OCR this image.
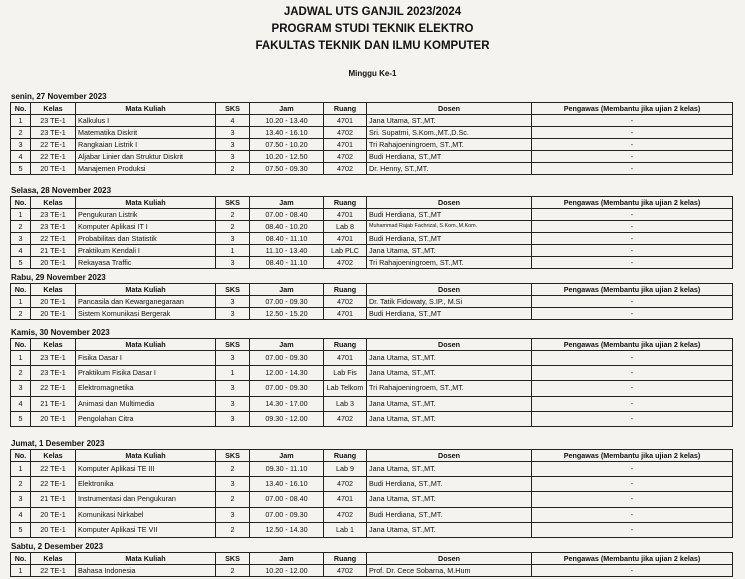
JADWAL UTS GANJIL 2023/2024
PROGRAM STUDI TEKNIK ELEKTRO
FAKULTAS TEKNIK DAN ILMU KOMPUTER
Minggu Ke-1
senin, 27 November 2023
No.	Kelas	Mata Kuliah	SKS	Jam	Ruang	Dosen	Pengawas (Membantu jika ujian 2 kelas)
1	23 TE-1	Kalkulus I	4	10.20 - 13.40	4701	Jana Utama, ST.,MT.	-
2	23 TE-1	Matematika Diskrit	3	13.40 - 16.10	4702	Sri. Supatmi, S.Kom.,MT.,D.Sc.	-
3	22 TE-1	Rangkaian Listrik I	3	07.50 - 10.20	4701	Tri Rahajoeningroem, ST.,MT.	-
4	22 TE-1	Aljabar Linier dan Struktur Diskrit	3	10.20 - 12.50	4702	Budi Herdiana, ST.,MT	-
5	20 TE-1	Manajemen Produksi	2	07.50 - 09.30	4702	Dr. Henny, ST.,MT.	-
Selasa, 28 November 2023
No.	Kelas	Mata Kuliah	SKS	Jam	Ruang	Dosen	Pengawas (Membantu jika ujian 2 kelas)
1	23 TE-1	Pengukuran Listrik	2	07.00 - 08.40	4701	Budi Herdiana, ST.,MT	-
2	23 TE-1	Komputer Aplikasi IT I	2	08.40 - 10.20	Lab 8	Muhammad Rajab Fachrizal, S.Kom.,M.Kom.	-
3	22 TE-1	Probabilitas dan Statistik	3	08.40 - 11.10	4701	Budi Herdiana, ST.,MT	-
4	21 TE-1	Praktikum Kendali I	1	11.10 - 13.40	Lab PLC	Jana Utama, ST.,MT.	-
5	20 TE-1	Rekayasa Traffic	3	08.40 - 11.10	4702	Tri Rahajoeningroem, ST.,MT.	-
Rabu, 29 November 2023
No.	Kelas	Mata Kuliah	SKS	Jam	Ruang	Dosen	Pengawas (Membantu jika ujian 2 kelas)
1	20 TE-1	Pancasila dan Kewarganegaraan	3	07.00 - 09.30	4702	Dr. Tatik Fidowaty, S.IP., M.Si	-
2	20 TE-1	Sistem Komunikasi Bergerak	3	12.50 - 15.20	4701	Budi Herdiana, ST.,MT	-
Kamis, 30 November 2023
No.	Kelas	Mata Kuliah	SKS	Jam	Ruang	Dosen	Pengawas (Membantu jika ujian 2 kelas)
1	23 TE-1	Fisika Dasar I	3	07.00 - 09.30	4701	Jana Utama, ST.,MT.	-
2	23 TE-1	Praktikum Fisika Dasar I	1	12.00 - 14.30	Lab Fis	Jana Utama, ST.,MT.	-
3	22 TE-1	Elektromagnetika	3	07.00 - 09.30	Lab Telkom	Tri Rahajoeningroem, ST.,MT.	-
4	21 TE-1	Animasi dan Multimedia	3	14.30 - 17.00	Lab 3	Jana Utama, ST.,MT.	-
5	20 TE-1	Pengolahan Citra	3	09.30 - 12.00	4702	Jana Utama, ST.,MT.	-
Jumat, 1 Desember 2023
No.	Kelas	Mata Kuliah	SKS	Jam	Ruang	Dosen	Pengawas (Membantu jika ujian 2 kelas)
1	22 TE-1	Komputer Aplikasi TE III	2	09.30 - 11.10	Lab 9	Jana Utama, ST.,MT.	-
2	22 TE-1	Elektronika	3	13.40 - 16.10	4702	Budi Herdiana, ST.,MT.	-
3	21 TE-1	Instrumentasi dan Pengukuran	2	07.00 - 08.40	4701	Jana Utama, ST.,MT.	-
4	20 TE-1	Komunikasi Nirkabel	3	07.00 - 09.30	4702	Budi Herdiana, ST.,MT.	-
5	20 TE-1	Komputer Aplikasi TE VII	2	12.50 - 14.30	Lab 1	Jana Utama, ST.,MT.	-
Sabtu, 2 Desember 2023
No.	Kelas	Mata Kuliah	SKS	Jam	Ruang	Dosen	Pengawas (Membantu jika ujian 2 kelas)
1	22 TE-1	Bahasa Indonesia	2	10.20 - 12.00	4702	Prof. Dr. Cece Sobarna, M.Hum	-
